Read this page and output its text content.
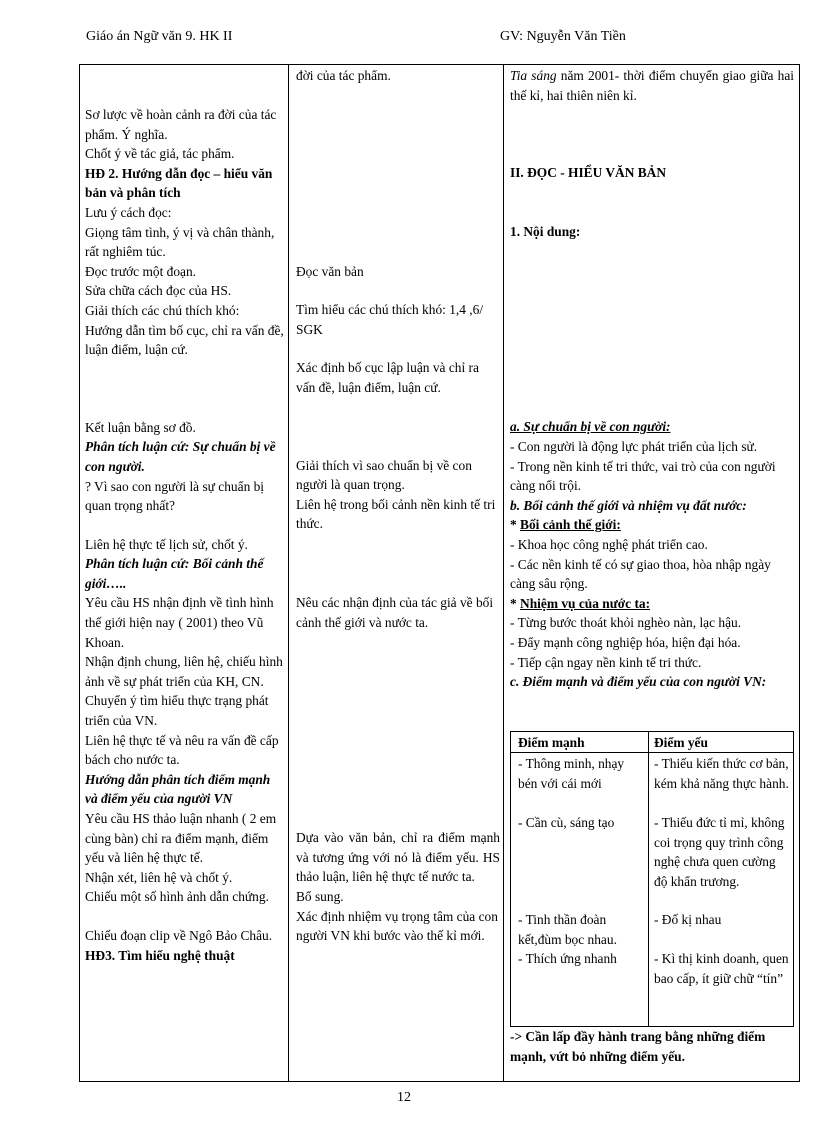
Giáo án Ngữ văn 9. HK II	GV: Nguyễn Văn Tiền

Sơ lược về hoàn cảnh ra đời của tác phẩm. Ý nghĩa.

Chốt ý về tác giả, tác phẩm.

HĐ 2. Hướng dẫn đọc – hiểu văn bản và phân tích

Lưu ý cách đọc:

Giọng tâm tình, ý vị và chân thành, rất nghiêm túc.

Đọc trước một đoạn.

Sửa chữa cách đọc của HS.

Giải thích các chú thích khó:

Hướng dẫn tìm bố cục, chỉ ra vấn đề, luận điểm, luận cứ.

Kết luận bằng sơ đồ.

Phân tích luận cứ: Sự chuẩn bị về con người.

? Vì sao con người là sự chuẩn bị quan trọng nhất?

Liên hệ thực tế lịch sử, chốt ý.

Phân tích luận cứ: Bối cảnh thế giới…..

Yêu cầu HS nhận định về tình hình thế giới hiện nay ( 2001) theo Vũ Khoan.

Nhận định chung, liên hệ, chiếu hình ảnh về sự phát triển của KH, CN.

Chuyển ý tìm hiểu thực trạng phát triển của VN.

Liên hệ thực tế và nêu ra vấn đề cấp bách cho nước ta.

Hướng dẫn phân tích điểm mạnh và điểm yếu của người VN

Yêu cầu HS thảo luận nhanh ( 2 em cùng bàn) chỉ ra điểm mạnh, điểm yếu và liên hệ thực tế.

Nhận xét, liên hệ và chốt ý.

Chiếu một số hình ảnh dẫn chứng.

Chiếu đoạn clip về Ngô Bảo Châu.

HĐ3. Tìm hiểu nghệ thuật

đời của tác phẩm.

Đọc văn bản

Tìm hiểu các chú thích khó: 1,4 ,6/ SGK

Xác định bố cục lập luận và chỉ ra vấn đề, luận điểm, luận cứ.

Giải thích vì sao chuẩn bị về con người là quan trọng.

Liên hệ trong bối cảnh nền kinh tế tri thức.

Nêu các nhận định của tác giả về bối cảnh thế giới và nước ta.

Dựa vào văn bản, chỉ ra điểm mạnh và tương ứng với nó là điểm yếu. HS thảo luận, liên hệ thực tế nước ta.

Bổ sung.

Xác định nhiệm vụ trọng tâm của con người VN khi bước vào thế kỉ mới.

Tia sáng năm 2001- thời điểm chuyển giao giữa hai thế kỉ, hai thiên niên kỉ.

II. ĐỌC - HIỂU VĂN BẢN

1. Nội dung:

a. Sự chuẩn bị về con người:

- Con người là động lực phát triển của lịch sử.

- Trong nền kinh tế tri thức, vai trò của con người càng nổi trội.

b. Bối cảnh thế giới và nhiệm vụ đất nước:

* Bối cảnh thế giới:

- Khoa học công nghệ phát triển cao.

- Các nền kinh tế có sự giao thoa, hòa nhập ngày càng sâu rộng.

* Nhiệm vụ của nước ta:

- Từng bước thoát khỏi nghèo nàn, lạc hậu.

- Đẩy mạnh công nghiệp hóa, hiện đại hóa.

- Tiếp cận ngay nền kinh tế tri thức.

c. Điểm mạnh và điểm yếu của con người VN:

Điểm mạnh	Điểm yếu
- Thông minh, nhạy bén với cái mới
- Cần cù, sáng tạo
- Tinh thần đoàn kết,đùm bọc nhau.
- Thích ứng nhanh
- Thiếu kiến thức cơ bản, kém khả năng thực hành.
- Thiếu đức tỉ mỉ, không coi trọng quy trình công nghệ chưa quen cường độ khẩn trương.
- Đố kị nhau
- Kì thị kinh doanh, quen bao cấp, ít giữ chữ “tín”

-> Cần lấp đầy hành trang bằng những điểm mạnh, vứt bỏ những điểm yếu.

12
